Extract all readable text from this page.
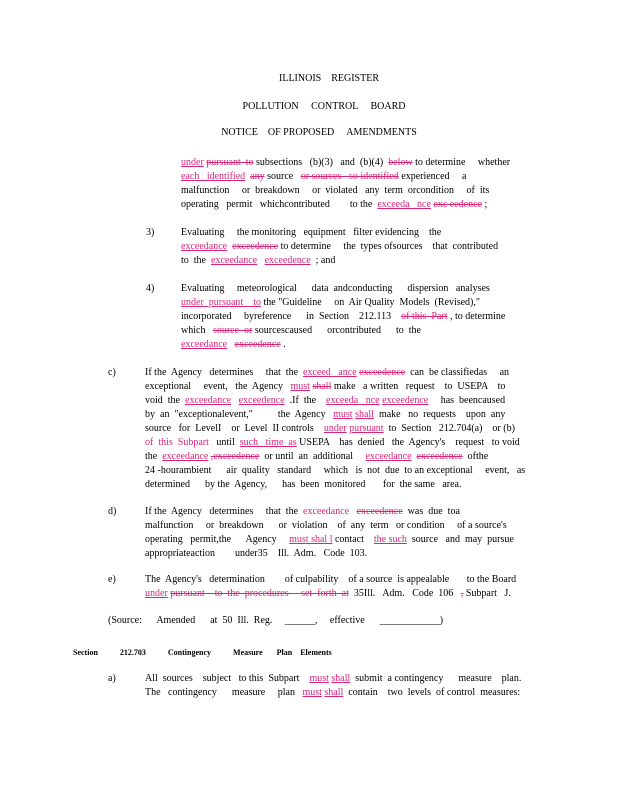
ILLINOIS    REGISTER
POLLUTION     CONTROL     BOARD
NOTICE    OF PROPOSED     AMENDMENTS
under pursuant  to subsections   (b)(3)   and  (b)(4)  below to determine     whether
each   identified any source   or sources   so identified experienced     a
malfunction     or  breakdown     or  violated   any  term  orcondition     of  its
operating   permit   whichcontributed        to the  exceeda   nce exc eedence ;
3)	Evaluating     the monitoring   equipment   filter evidencing    the
exceedance exceedence to determine     the  types ofsources    that  contributed
to  the  exceedance exceedence  ; and
4)	Evaluating     meteorological      data  andconducting      dispersion   analyses
under  pursuant    to the "Guideline     on  Air Quality  Models  (Revised),"
incorporated     byreference      in  Section    212.113    of this  Part , to determine
which   source  or sourcescaused      orcontributed      to  the
exceedance exceedence .
c)	If the  Agency   determines     that  the  exceed   ance exceedence  can  be classifiedas     an
exceptional     event,   the  Agency   must shall make   a written   request    to  USEPA    to
void  the  exceedance exceedence  .If  the    exceeda   nce exceedence     has  beencaused
by  an  "exceptionalevent,"          the  Agency   must shall  make   no  requests    upon  any
source   for  LevelI    or  Level  II controls    under pursuant  to  Section   212.704(a)    or (b)
of  this  Subpart   until  such   time  as USEPA    has  denied   the  Agency's    request   to void
the  exceedance ,exceedence  or until  an  additional     exceedance exceedence  ofthe
24 -hourambient      air  quality   standard     which   is  not  due  to an exceptional     event,   as
determined      by the  Agency,      has  been  monitored       for  the same   area.
d)	If the  Agency   determines     that  the  exceedance exceedence  was  due  toa
malfunction     or  breakdown      or  violation    of  any  term   or condition     of a source's
operating   permit,the      Agency     must shal l contact    the such  source   and  may  pursue
appropriateaction        under35    Ill.  Adm.   Code  103.
e)	The  Agency's   determination        of culpability    of a source  is appealable       to the Board
under pursuant    to  the  procedures     set  forth  at  35Ill.   Adm.   Code  106   , Subpart   J.
(Source:      Amended      at  50  Ill.  Reg.     ______,     effective      ____________)
Section	212.703	Contingency	Measure Plan Elements
a)	All  sources    subject   to this  Subpart    must shall  submit  a contingency      measure    plan.
The   contingency      measure     plan   must shall  contain    two  levels  of control  measures:
